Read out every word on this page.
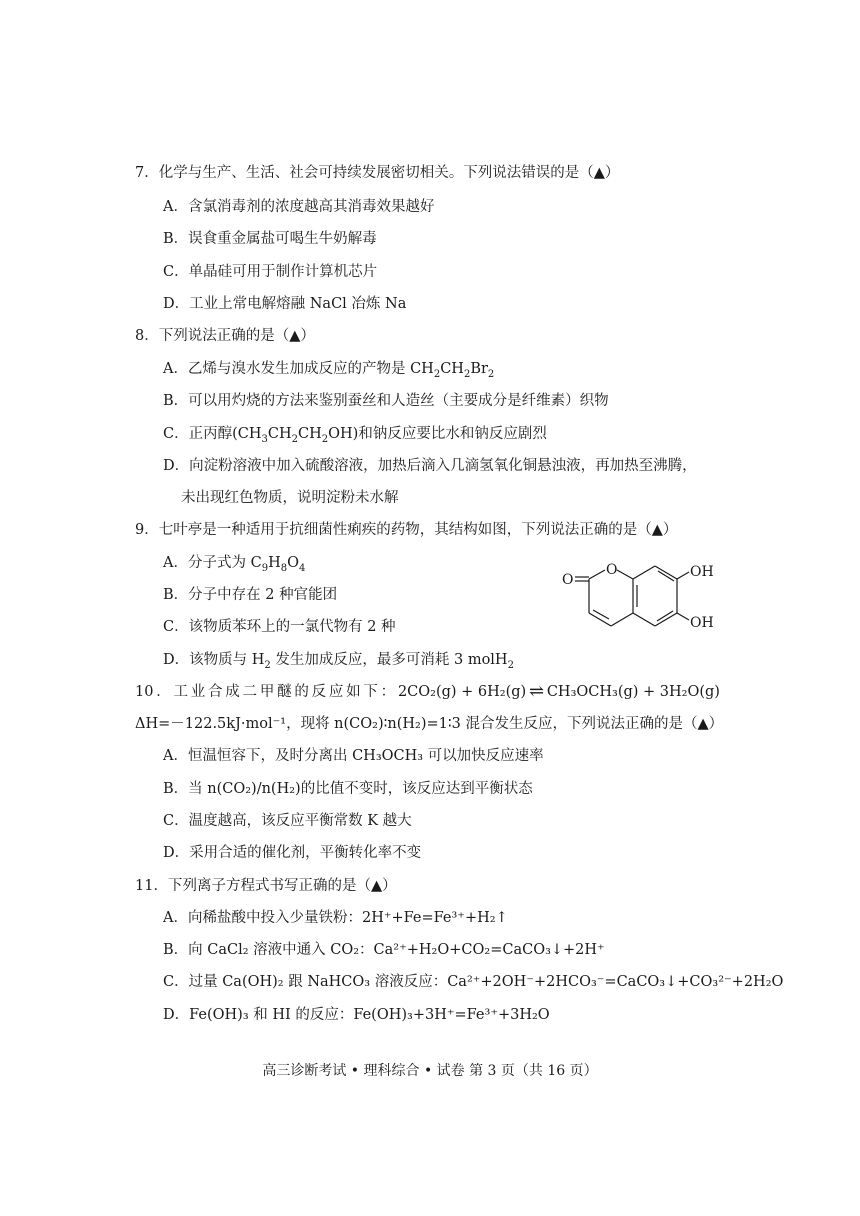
7．化学与生产、生活、社会可持续发展密切相关。下列说法错误的是（▲）
A．含氯消毒剂的浓度越高其消毒效果越好
B．误食重金属盐可喝生牛奶解毒
C．单晶硅可用于制作计算机芯片
D．工业上常电解熔融 NaCl 冶炼 Na
8．下列说法正确的是（▲）
A．乙烯与溴水发生加成反应的产物是 $CH_2CH_2Br_2$
B．可以用灼烧的方法来鉴别蚕丝和人造丝（主要成分是纤维素）织物
C．正丙醇$(CH_3CH_2CH_2OH)$和钠反应要比水和钠反应剧烈
D．向淀粉溶液中加入硫酸溶液，加热后滴入几滴氢氧化铜悬浊液，再加热至沸腾，
未出现红色物质，说明淀粉未水解
9．七叶亭是一种适用于抗细菌性痢疾的药物，其结构如图，下列说法正确的是（▲）
A．分子式为 $C_9H_8O_4$
B．分子中存在 2 种官能团
C．该物质苯环上的一氯代物有 2 种
D．该物质与 $H_2$ 发生加成反应，最多可消耗 3 molH$_2$
O
O	OH
OH
10 ． 工 业 合 成 二 甲 醚 的 反 应 如 下 ： 2CO₂(g) + 6H₂(g) ⇌ CH₃OCH₃(g) + 3H₂O(g)
ΔH=－122.5kJ·mol⁻¹，现将 n(CO₂)∶n(H₂)=1∶3 混合发生反应，下列说法正确的是（▲）
A．恒温恒容下，及时分离出 CH₃OCH₃ 可以加快反应速率
B．当 n(CO₂)/n(H₂)的比值不变时，该反应达到平衡状态
C．温度越高，该反应平衡常数 K 越大
D．采用合适的催化剂，平衡转化率不变
11．下列离子方程式书写正确的是（▲）
A．向稀盐酸中投入少量铁粉：2H⁺+Fe=Fe³⁺+H₂↑
B．向 CaCl₂ 溶液中通入 CO₂：Ca²⁺+H₂O+CO₂=CaCO₃↓+2H⁺
C．过量 Ca(OH)₂ 跟 NaHCO₃ 溶液反应：Ca²⁺+2OH⁻+2HCO₃⁻=CaCO₃↓+CO₃²⁻+2H₂O
D．Fe(OH)₃ 和 HI 的反应：Fe(OH)₃+3H⁺=Fe³⁺+3H₂O
高三诊断考试 • 理科综合 • 试卷 第 3 页（共 16 页）
